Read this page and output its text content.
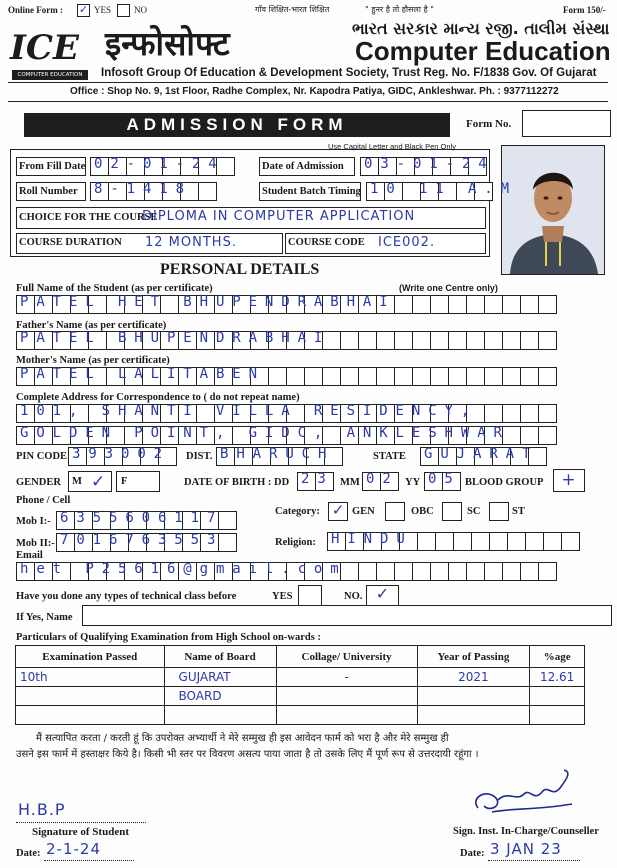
Online Form : ✓ YES	NO	गाँव शिक्षित-भारत शिक्षित	" हुनर है तो हौसला है "	Form 150/-
ICE
COMPUTER EDUCATION
इन्फोसोफ्ट	ભારત સરકાર માન્ય રજી. તાલીમ સંસ્થા
Computer Education
Infosoft Group Of Education & Development Society, Trust Reg. No. F/1838 Gov. Of Gujarat
Office : Shop No. 9, 1st Floor, Radhe Complex, Nr. Kapodra Patiya, GIDC, Ankleshwar. Ph. : 9377112272
ADMISSION FORM	Form No.
Use Capital Letter and Black Pen Only
From Fill Date 02-01-24	Date of Admission	03-01-24
Roll Number	8-1418	Student Batch Timing 10 11 A.M
CHOICE FOR THE COURSE
DIPLOMA IN COMPUTER APPLICATION
COURSE DURATION 12 MONTHS.	COURSE CODE ICE002.
PERSONAL DETAILS
Full Name of the Student (as per certificate)	(Write one Centre only)
PATEL HET BHUPENDRABHAI
Father's Name (as per certificate)
PATEL BHUPENDRABHAI
Mother's Name (as per certificate)
PATEL LALITABEN
Complete Address for Correspondence to ( do not repeat name)
101, SHANTI VILLA RESIDENCY,
GOLDEN POINT, GIDC, ANKLESHWAR
PIN CODE 393002 DIST. BHARUCH	STATE GUJARAT
GENDER M ✓ F	DATE OF BIRTH : DD 23 MM 02 YY 05 BLOOD GROUP	+
Phone / Cell
Mob I:- 6355606117
Mob II:- 7016763553
Category: ✓ GEN	OBC	SC	ST
Religion: HINDU
Email
het P25616@gmail.com
Have you done any types of technical class before	YES	NO. ✓
If Yes, Name
Particulars of Qualifying Examination from High School on-wards :
Examination Passed	Name of Board	Collage/ University	Year of Passing	%age
10th	GUJARAT	-	2021	12.61
	BOARD			

मैं सत्यापित करता / करती हूं कि उपरोक्त अभ्यार्थी ने मेरे सम्मुख ही इस आवेदन फार्म को भरा है और मेरे सम्मुख ही
उसने इस फार्म में हस्ताक्षर किये है। किसी भी स्तर पर विवरण असत्य पाया जाता है तो उसके लिए मैं पूर्ण रूप से उत्तरदायी रहूंगा ।
H.B.P
Signature of Student
Date: 2-1-24
Sign. Inst. In-Charge/Counseller
Date: 3 JAN 23
